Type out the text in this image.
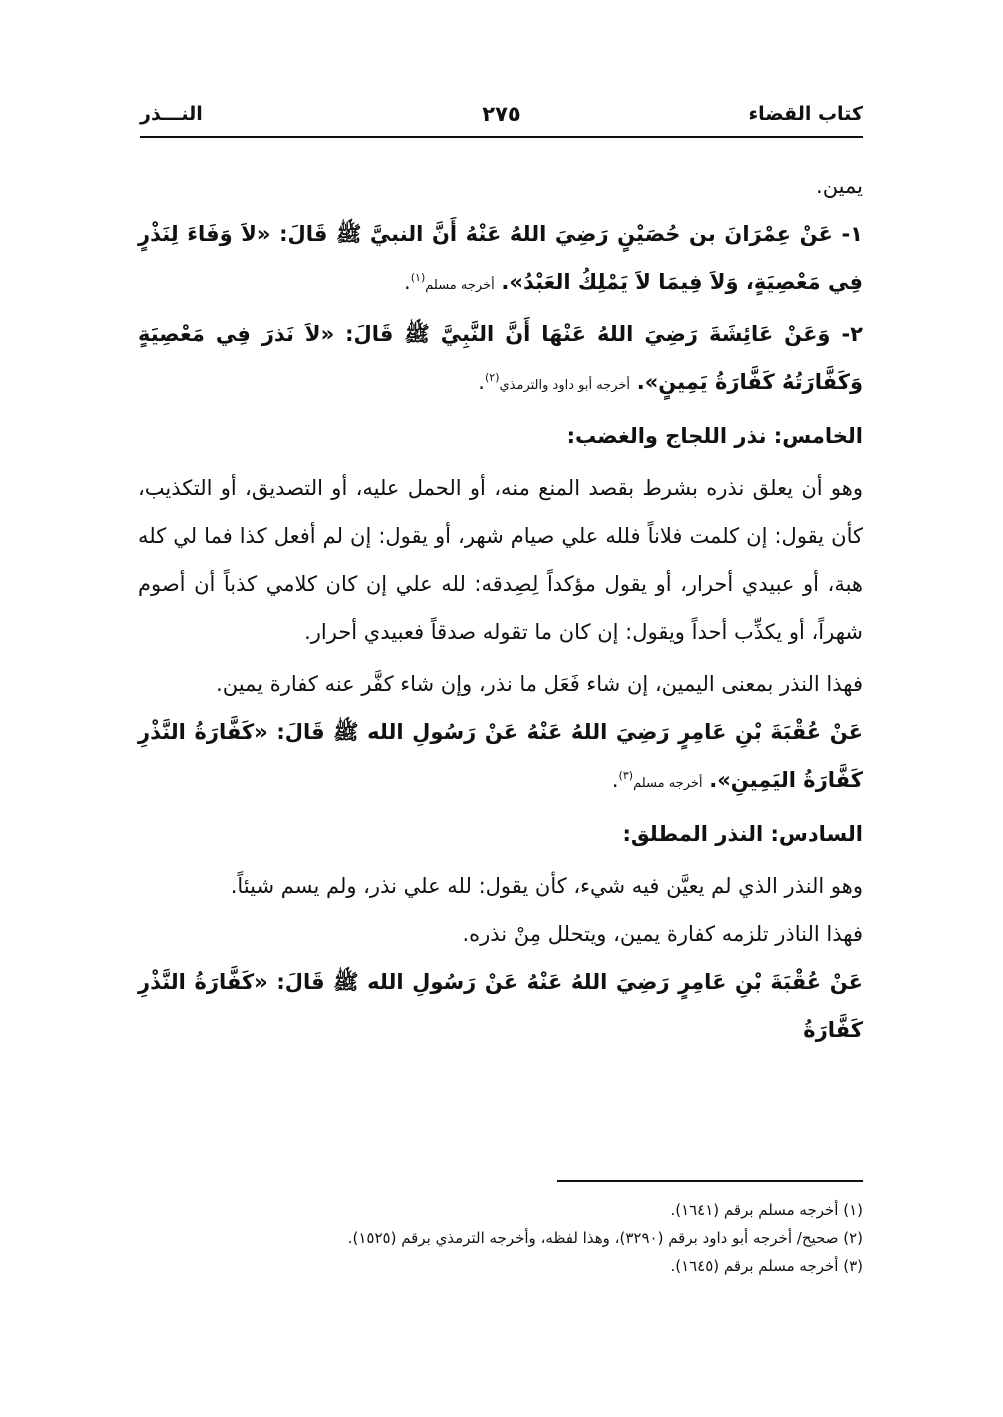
كتاب القضاء
٢٧٥
النـــذر

يمين.

١- عَنْ عِمْرَانَ بن حُصَيْنٍ رَضِيَ اللهُ عَنْهُ أَنَّ النبيَّ ﷺ قَالَ: «لاَ وَفَاءَ لِنَذْرٍ فِي مَعْصِيَةٍ، وَلاَ فِيمَا لاَ يَمْلِكُ العَبْدُ». أخرجه مسلم$^{(١)}$.

٢- وَعَنْ عَائِشَةَ رَضِيَ اللهُ عَنْهَا أَنَّ النَّبِيَّ ﷺ قَالَ: «لاَ نَذرَ فِي مَعْصِيَةٍ وَكَفَّارَتُهُ كَفَّارَةُ يَمِينٍ». أخرجه أبو داود والترمذي$^{(٢)}$.

الخامس: نذر اللجاج والغضب:

وهو أن يعلق نذره بشرط بقصد المنع منه، أو الحمل عليه، أو التصديق، أو التكذيب، كأن يقول: إن كلمت فلاناً فلله علي صيام شهر، أو يقول: إن لم أفعل كذا فما لي كله هبة، أو عبيدي أحرار، أو يقول مؤكداً لِصِدقه: لله علي إن كان كلامي كذباً أن أصوم شهراً، أو يكذِّب أحداً ويقول: إن كان ما تقوله صدقاً فعبيدي أحرار.

فهذا النذر بمعنى اليمين، إن شاء فَعَل ما نذر، وإن شاء كفَّر عنه كفارة يمين.

عَنْ عُقْبَةَ بْنِ عَامِرٍ رَضِيَ اللهُ عَنْهُ عَنْ رَسُولِ الله ﷺ قَالَ: «كَفَّارَةُ النَّذْرِ كَفَّارَةُ اليَمِينِ». أخرجه مسلم$^{(٣)}$.

السادس: النذر المطلق:

وهو النذر الذي لم يعيَّن فيه شيء، كأن يقول: لله علي نذر، ولم يسم شيئاً.

فهذا الناذر تلزمه كفارة يمين، ويتحلل مِنْ نذره.

عَنْ عُقْبَةَ بْنِ عَامِرٍ رَضِيَ اللهُ عَنْهُ عَنْ رَسُولِ الله ﷺ قَالَ: «كَفَّارَةُ النَّذْرِ كَفَّارَةُ

(١) أخرجه مسلم برقم (١٦٤١).
(٢) صحيح/ أخرجه أبو داود برقم (٣٢٩٠)، وهذا لفظه، وأخرجه الترمذي برقم (١٥٢٥).
(٣) أخرجه مسلم برقم (١٦٤٥).
